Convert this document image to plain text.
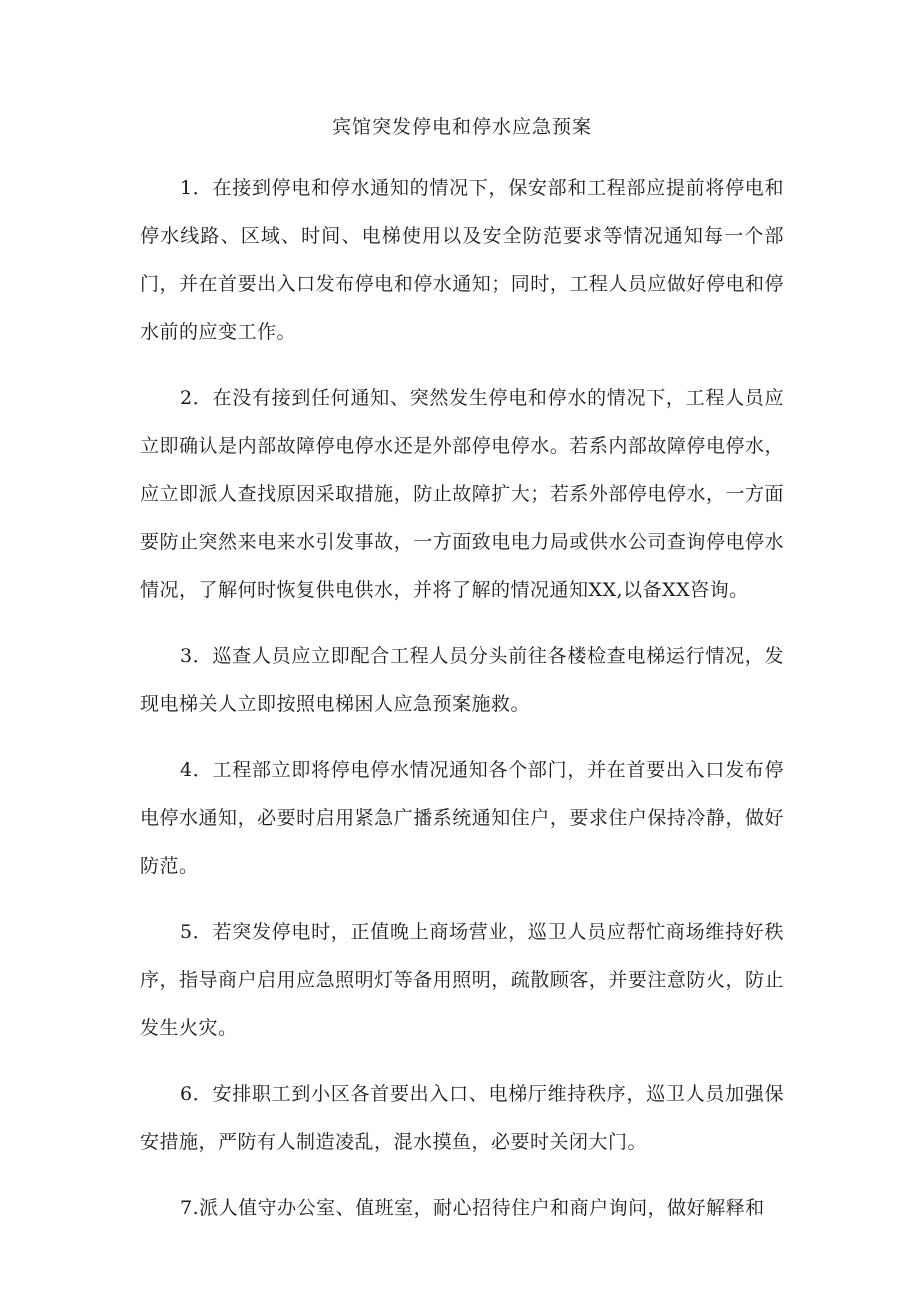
宾馆突发停电和停水应急预案

1．在接到停电和停水通知的情况下，保安部和工程部应提前将停电和停水线路、区域、时间、电梯使用以及安全防范要求等情况通知每一个部门，并在首要出入口发布停电和停水通知；同时，工程人员应做好停电和停水前的应变工作。

2．在没有接到任何通知、突然发生停电和停水的情况下，工程人员应立即确认是内部故障停电停水还是外部停电停水。若系内部故障停电停水，应立即派人查找原因采取措施，防止故障扩大；若系外部停电停水，一方面要防止突然来电来水引发事故，一方面致电电力局或供水公司查询停电停水情况，了解何时恢复供电供水，并将了解的情况通知XX,以备XX咨询。

3．巡查人员应立即配合工程人员分头前往各楼检查电梯运行情况，发现电梯关人立即按照电梯困人应急预案施救。

4．工程部立即将停电停水情况通知各个部门，并在首要出入口发布停电停水通知，必要时启用紧急广播系统通知住户，要求住户保持冷静，做好防范。

5．若突发停电时，正值晚上商场营业，巡卫人员应帮忙商场维持好秩序，指导商户启用应急照明灯等备用照明，疏散顾客，并要注意防火，防止发生火灾。

6．安排职工到小区各首要出入口、电梯厅维持秩序，巡卫人员加强保安措施，严防有人制造凌乱，混水摸鱼，必要时关闭大门。

7.派人值守办公室、值班室，耐心招待住户和商户询问，做好解释和
